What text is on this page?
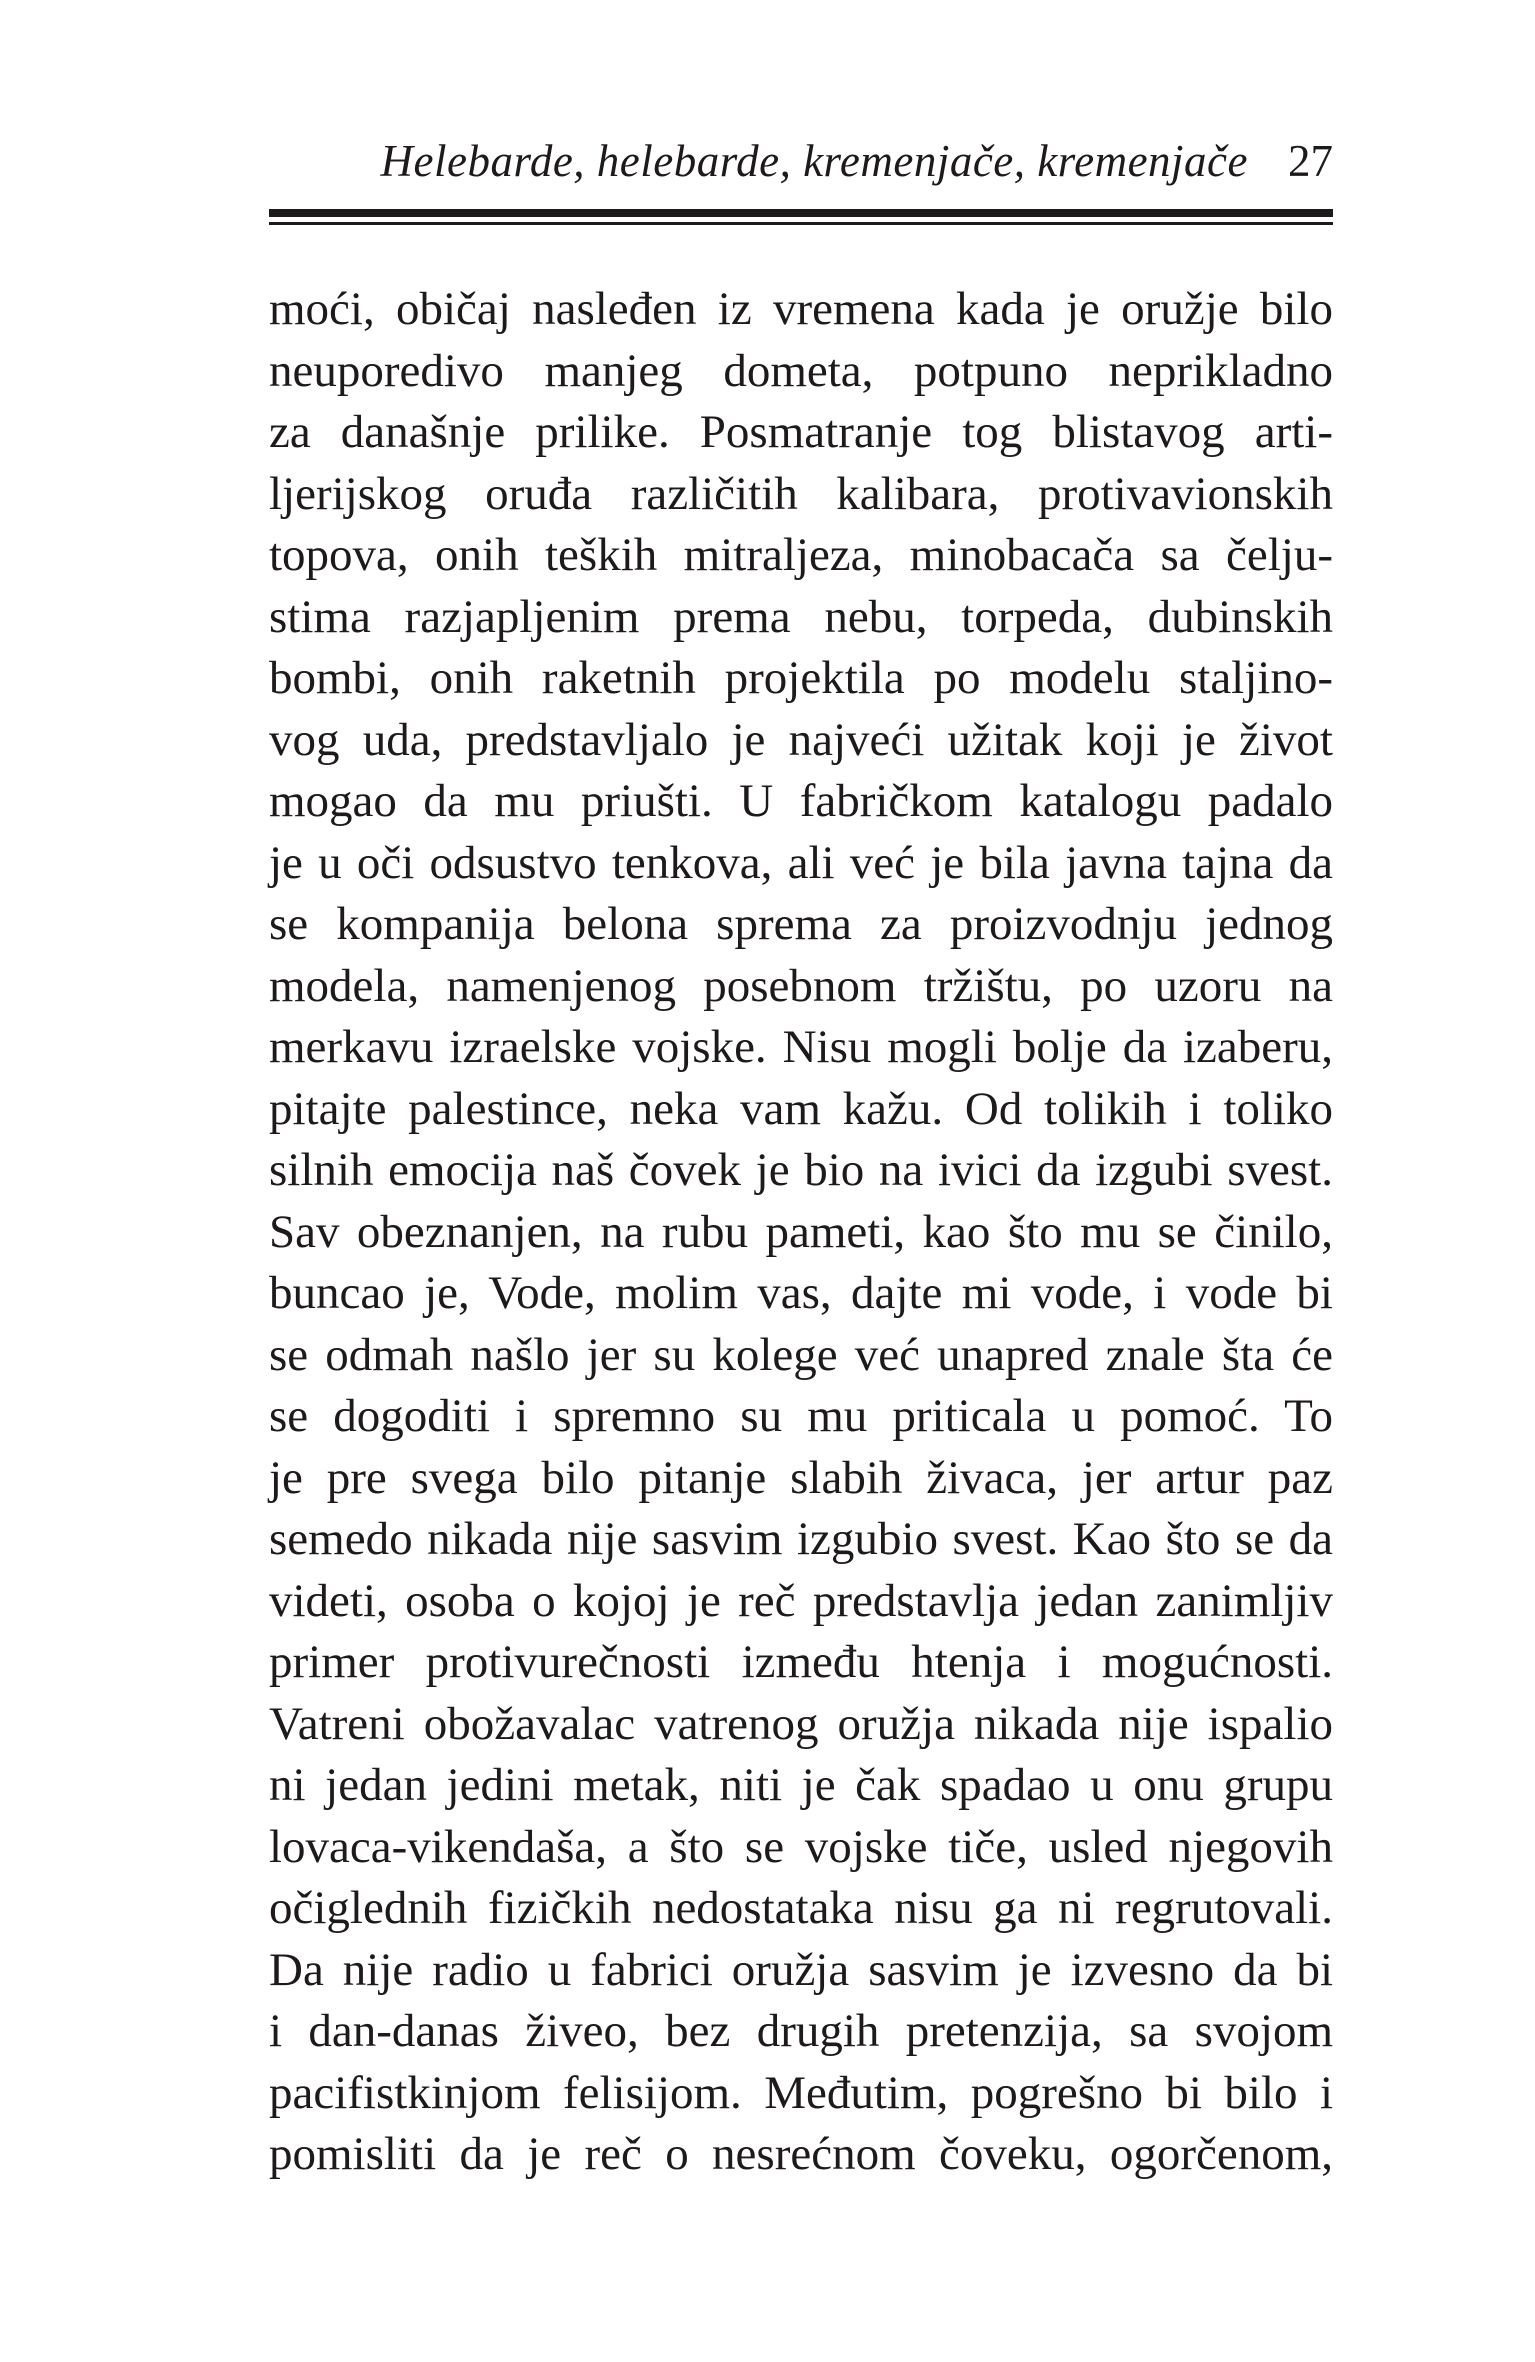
Helebarde, helebarde, kremenjače, kremenjače 27
moći, običaj nasleđen iz vremena kada je oružje bilo
neuporedivo manjeg dometa, potpuno neprikladno
za današnje prilike. Posmatranje tog blistavog arti-
ljerijskog oruđa različitih kalibara, protivavionskih
topova, onih teških mitraljeza, minobacača sa čelju-
stima razjapljenim prema nebu, torpeda, dubinskih
bombi, onih raketnih projektila po modelu staljino-
vog uda, predstavljalo je najveći užitak koji je život
mogao da mu priušti. U fabričkom katalogu padalo
je u oči odsustvo tenkova, ali već je bila javna tajna da
se kompanija belona sprema za proizvodnju jednog
modela, namenjenog posebnom tržištu, po uzoru na
merkavu izraelske vojske. Nisu mogli bolje da izaberu,
pitajte palestince, neka vam kažu. Od tolikih i toliko
silnih emocija naš čovek je bio na ivici da izgubi svest.
Sav obeznanjen, na rubu pameti, kao što mu se činilo,
buncao je, Vode, molim vas, dajte mi vode, i vode bi
se odmah našlo jer su kolege već unapred znale šta će
se dogoditi i spremno su mu priticala u pomoć. To
je pre svega bilo pitanje slabih živaca, jer artur paz
semedo nikada nije sasvim izgubio svest. Kao što se da
videti, osoba o kojoj je reč predstavlja jedan zanimljiv
primer protivurečnosti između htenja i mogućnosti.
Vatreni obožavalac vatrenog oružja nikada nije ispalio
ni jedan jedini metak, niti je čak spadao u onu grupu
lovaca-vikendaša, a što se vojske tiče, usled njegovih
očiglednih fizičkih nedostataka nisu ga ni regrutovali.
Da nije radio u fabrici oružja sasvim je izvesno da bi
i dan-danas živeo, bez drugih pretenzija, sa svojom
pacifistkinjom felisijom. Međutim, pogrešno bi bilo i
pomisliti da je reč o nesrećnom čoveku, ogorčenom,
